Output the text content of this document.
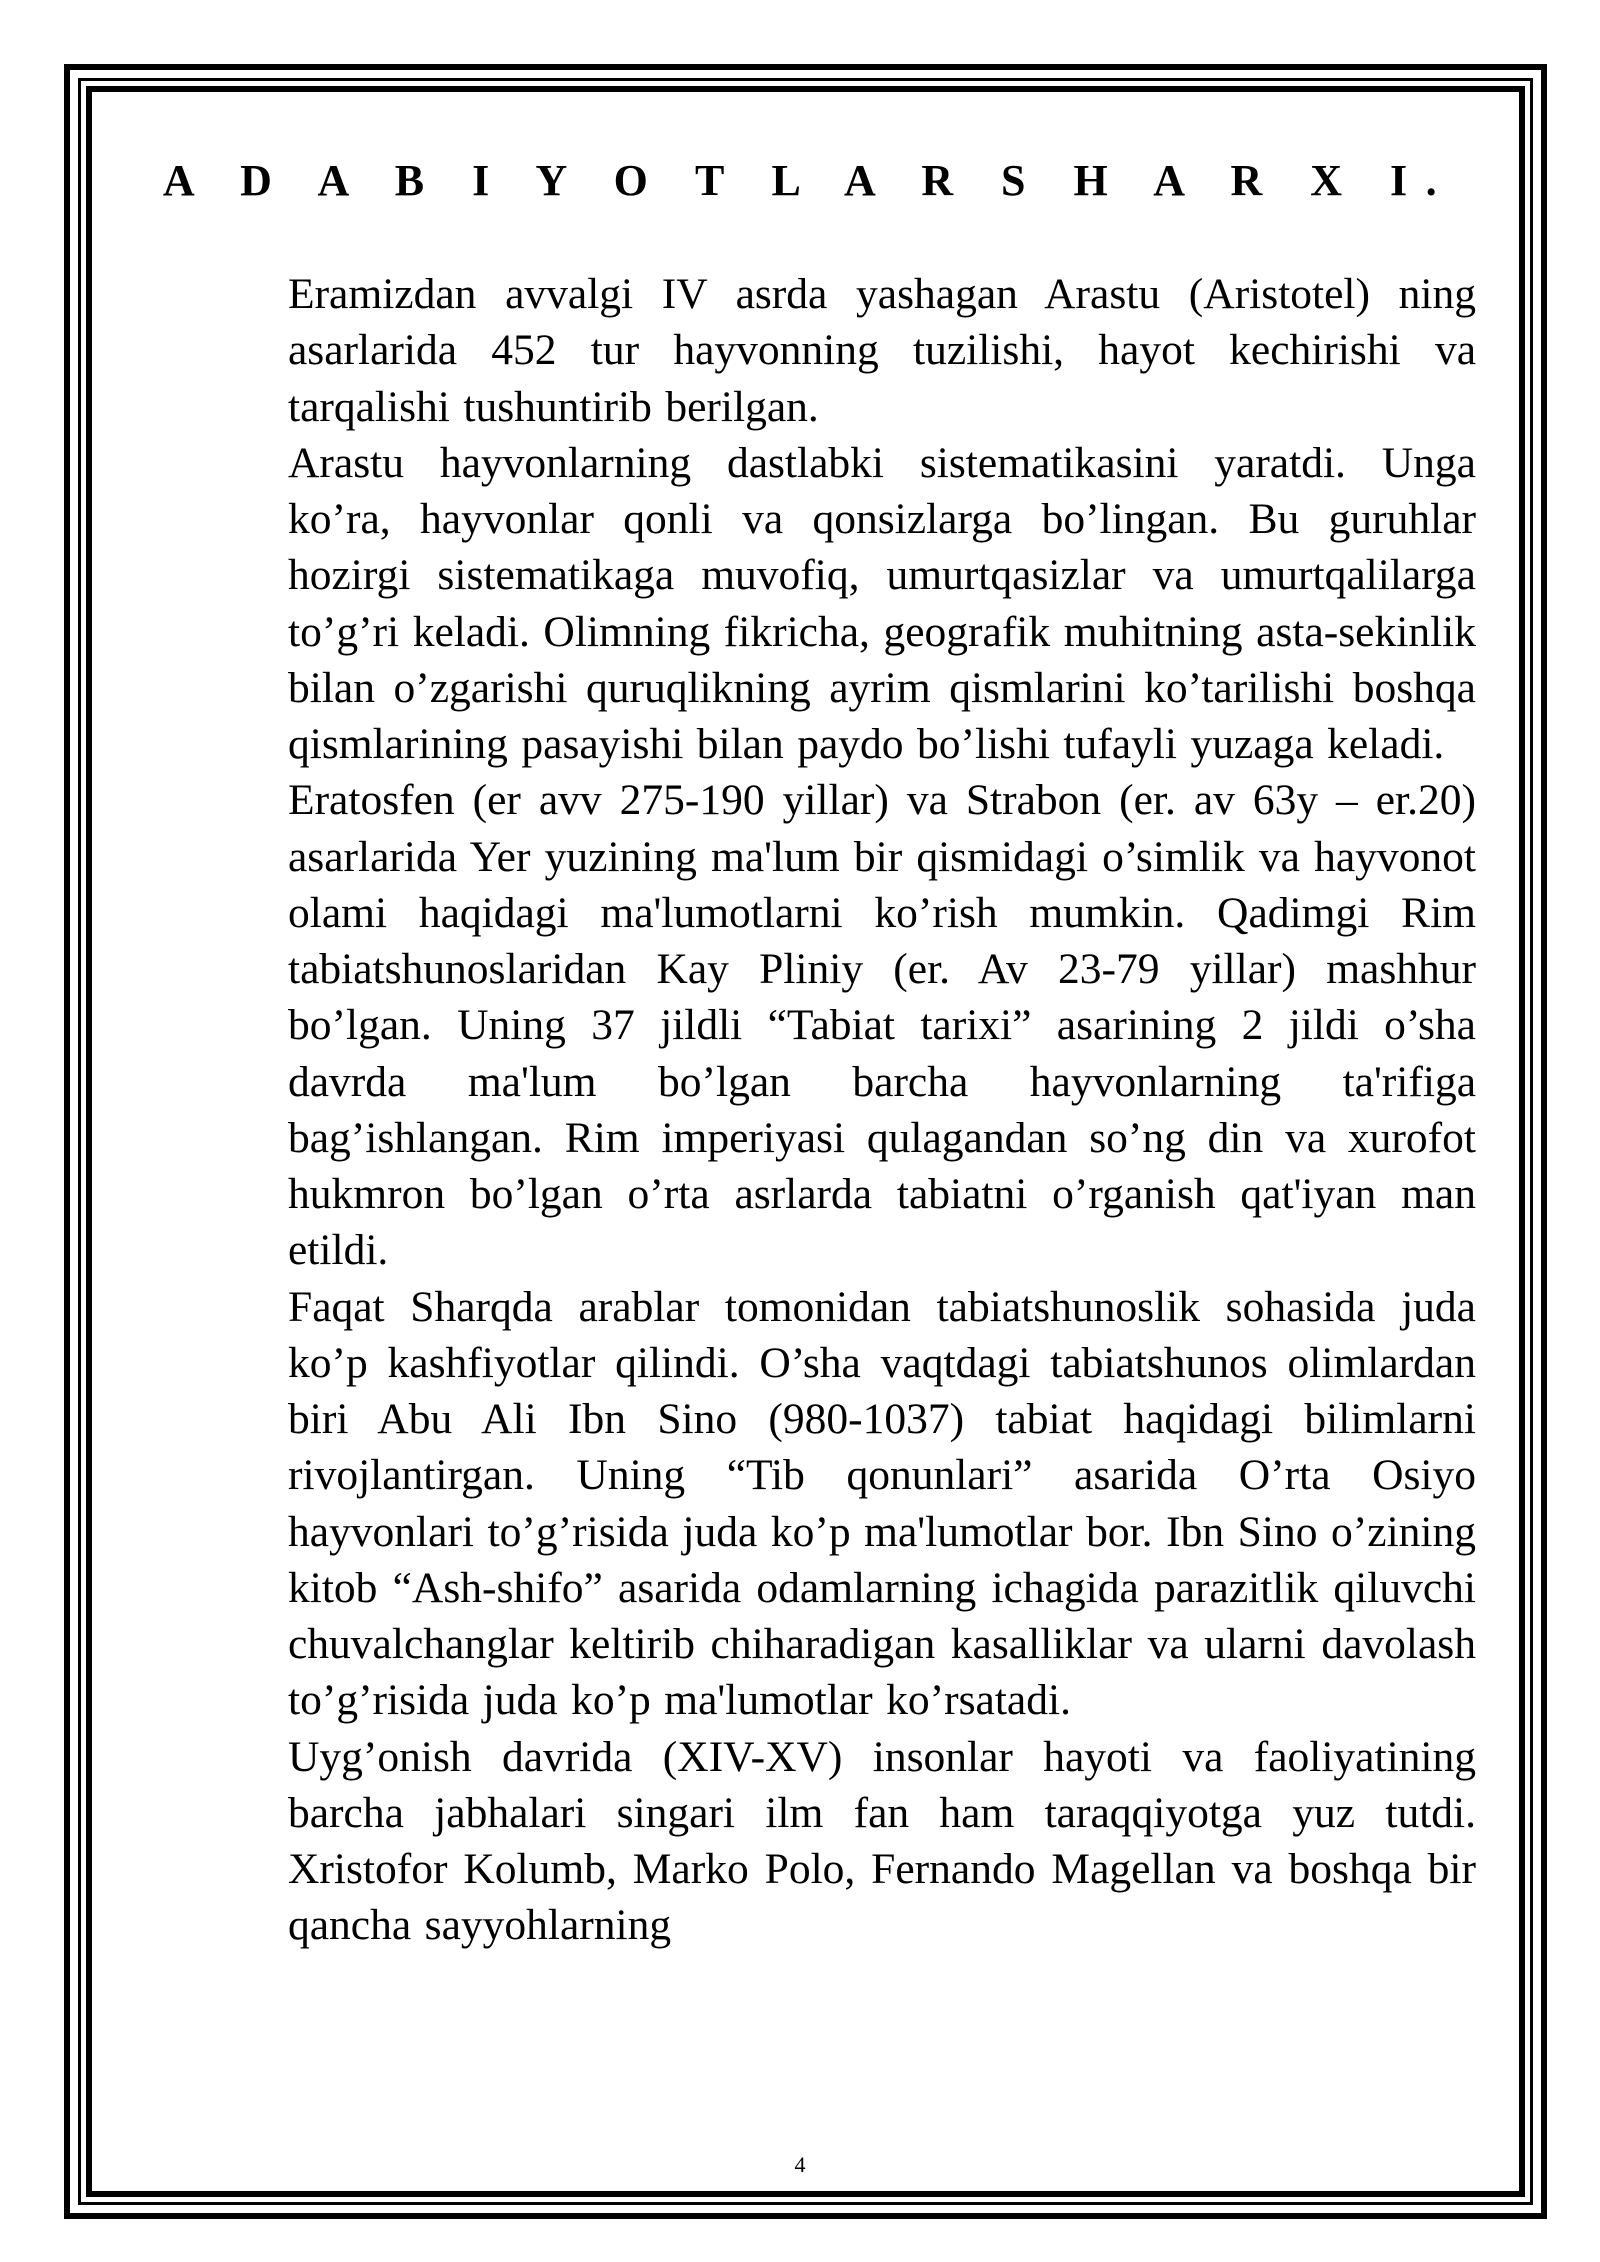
A D A B I Y O T L A R S H A R X I.

Eramizdan avvalgi IV asrda yashagan Arastu (Aristotel) ning asarlarida 452 tur hayvonning tuzilishi, hayot kechirishi va tarqalishi tushuntirib berilgan.

Arastu hayvonlarning dastlabki sistematikasini yaratdi. Unga ko’ra, hayvonlar qonli va qonsizlarga bo’lingan. Bu guruhlar hozirgi sistematikaga muvofiq, umurtqasizlar va umurtqalilarga to’g’ri keladi. Olimning fikricha, geografik muhitning asta-sekinlik bilan o’zgarishi quruqlikning ayrim qismlarini ko’tarilishi boshqa qismlarining pasayishi bilan paydo bo’lishi tufayli yuzaga keladi.

Eratosfen (er avv 275-190 yillar) va Strabon (er. av 63y – er.20) asarlarida Yer yuzining ma'lum bir qismidagi o’simlik va hayvonot olami haqidagi ma'lumotlarni ko’rish mumkin. Qadimgi Rim tabiatshunoslaridan Kay Pliniy (er. Av 23-79 yillar) mashhur bo’lgan. Uning 37 jildli “Tabiat tarixi” asarining 2 jildi o’sha davrda ma'lum bo’lgan barcha hayvonlarning ta'rifiga bag’ishlangan. Rim imperiyasi qulagandan so’ng din va xurofot hukmron bo’lgan o’rta asrlarda tabiatni o’rganish qat'iyan man etildi.

Faqat Sharqda arablar tomonidan tabiatshunoslik sohasida juda ko’p kashfiyotlar qilindi. O’sha vaqtdagi tabiatshunos olimlardan biri Abu Ali Ibn Sino (980-1037) tabiat haqidagi bilimlarni rivojlantirgan. Uning “Tib qonunlari” asarida O’rta Osiyo hayvonlari to’g’risida juda ko’p ma'lumotlar bor. Ibn Sino o’zining kitob “Ash-shifo” asarida odamlarning ichagida parazitlik qiluvchi chuvalchanglar keltirib chiharadigan kasalliklar va ularni davolash to’g’risida juda ko’p ma'lumotlar ko’rsatadi.

Uyg’onish davrida (XIV-XV) insonlar hayoti va faoliyatining barcha jabhalari singari ilm fan ham taraqqiyotga yuz tutdi. Xristofor Kolumb, Marko Polo, Fernando Magellan va boshqa bir qancha sayyohlarning

4
